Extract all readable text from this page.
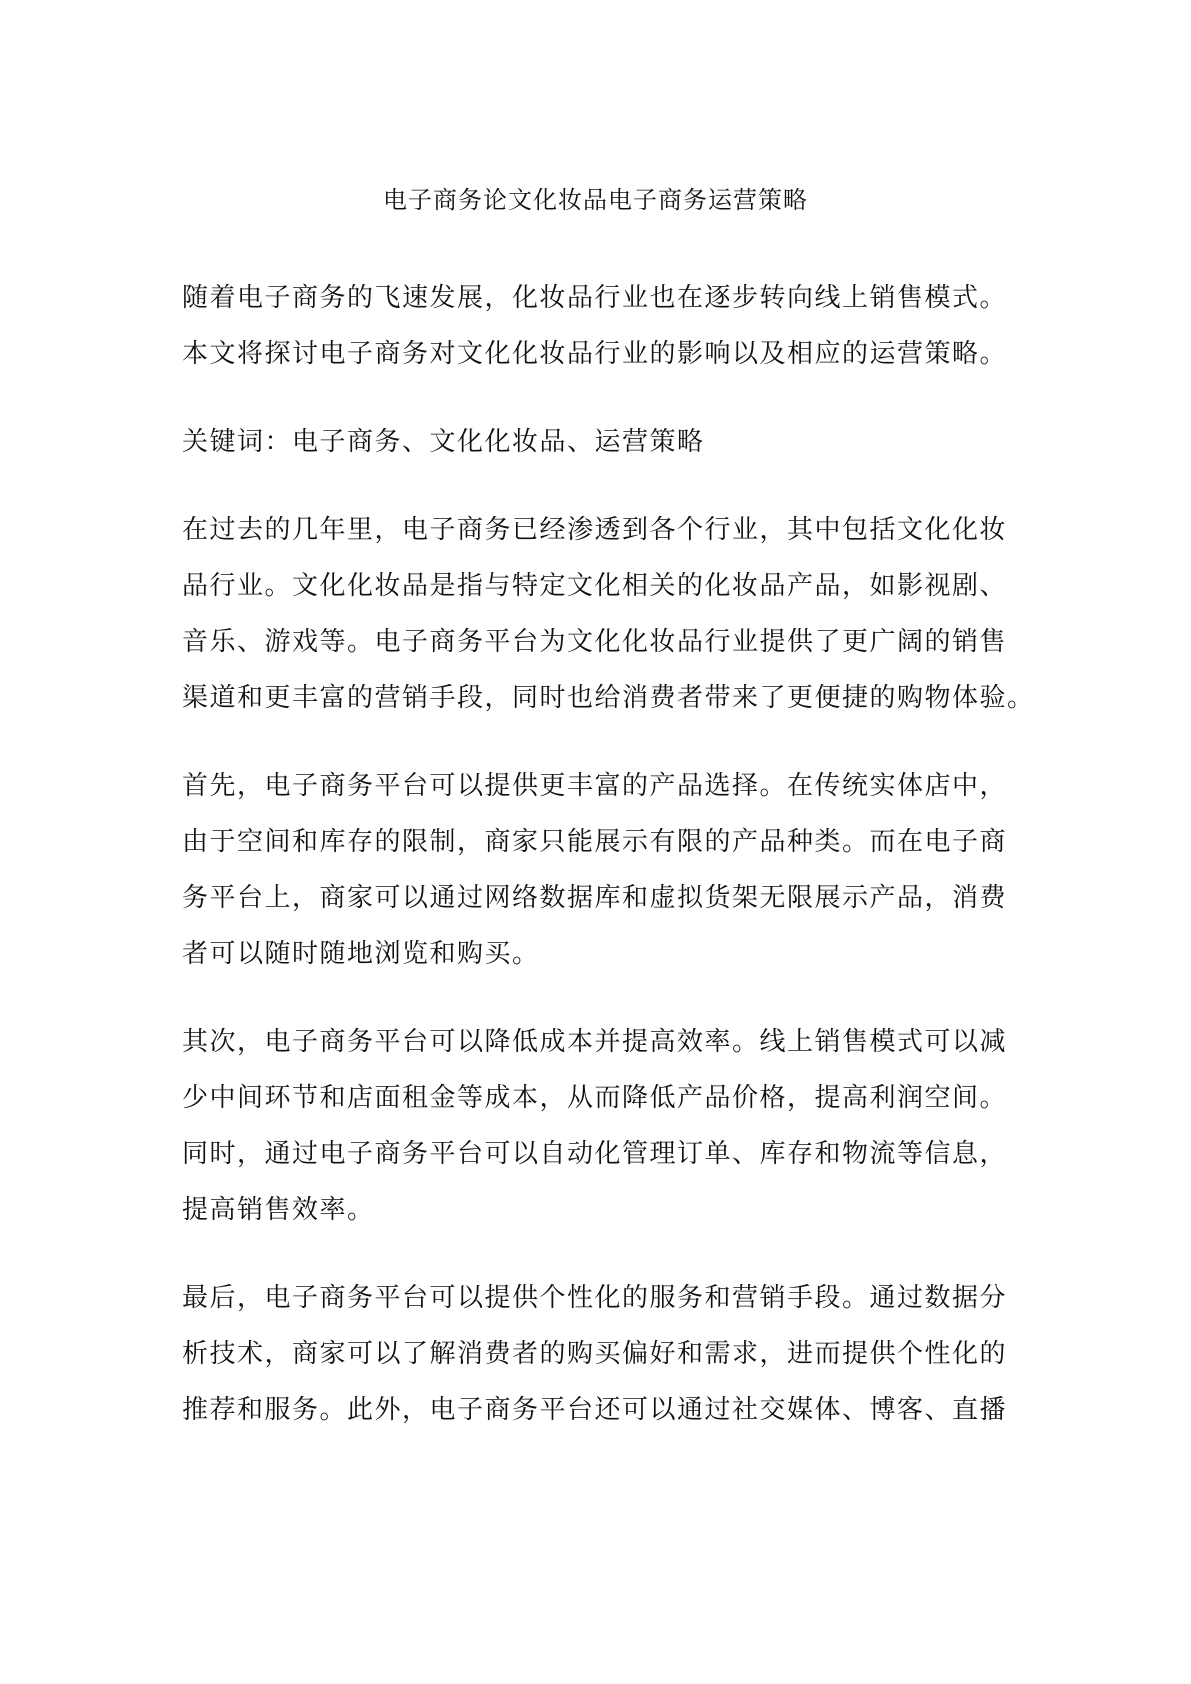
电子商务论文化妆品电子商务运营策略

随着电子商务的飞速发展，化妆品行业也在逐步转向线上销售模式。
本文将探讨电子商务对文化化妆品行业的影响以及相应的运营策略。

关键词：电子商务、文化化妆品、运营策略

在过去的几年里，电子商务已经渗透到各个行业，其中包括文化化妆
品行业。文化化妆品是指与特定文化相关的化妆品产品，如影视剧、
音乐、游戏等。电子商务平台为文化化妆品行业提供了更广阔的销售
渠道和更丰富的营销手段，同时也给消费者带来了更便捷的购物体验。

首先，电子商务平台可以提供更丰富的产品选择。在传统实体店中，
由于空间和库存的限制，商家只能展示有限的产品种类。而在电子商
务平台上，商家可以通过网络数据库和虚拟货架无限展示产品，消费
者可以随时随地浏览和购买。

其次，电子商务平台可以降低成本并提高效率。线上销售模式可以减
少中间环节和店面租金等成本，从而降低产品价格，提高利润空间。
同时，通过电子商务平台可以自动化管理订单、库存和物流等信息，
提高销售效率。

最后，电子商务平台可以提供个性化的服务和营销手段。通过数据分
析技术，商家可以了解消费者的购买偏好和需求，进而提供个性化的
推荐和服务。此外，电子商务平台还可以通过社交媒体、博客、直播
